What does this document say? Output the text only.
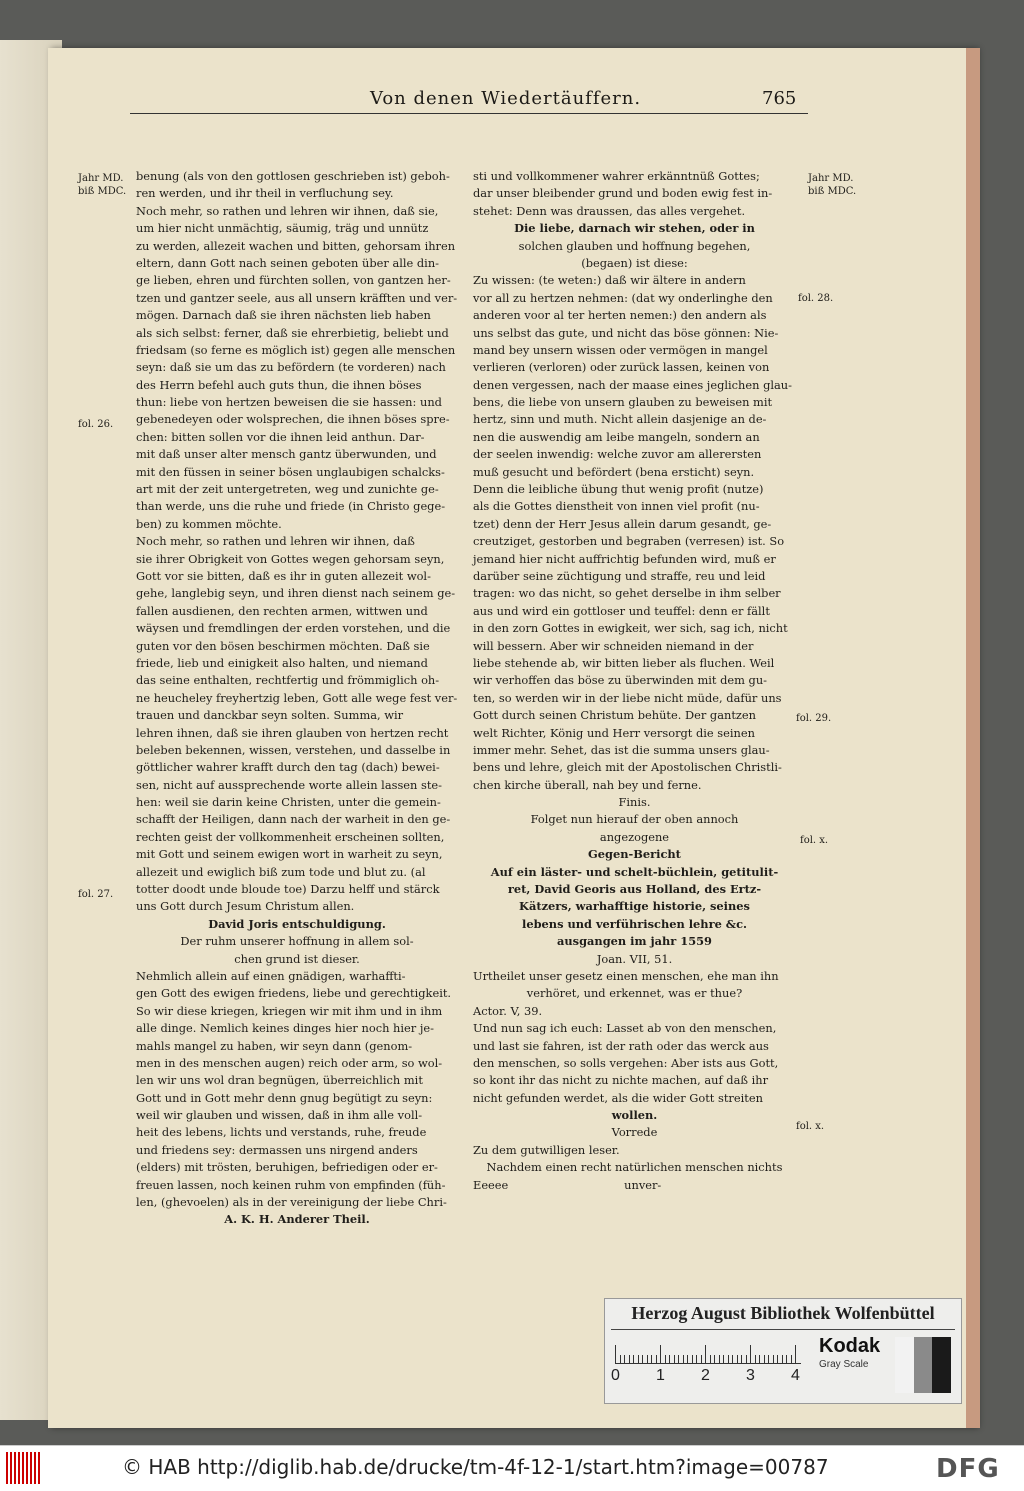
Von denen Wiedertäuffern.	765
Jahr MD.
biß MDC.
fol. 26.
fol. 27.
Jahr MD.
biß MDC.
fol. 28.
fol. 29.
fol. x.
fol. x.
benung (als von den gottlosen geschrieben ist) geboh-
ren werden, und ihr theil in verfluchung sey.
Noch mehr, so rathen und lehren wir ihnen, daß sie,
um hier nicht unmächtig, säumig, träg und unnütz
zu werden, allezeit wachen und bitten, gehorsam ihren
eltern, dann Gott nach seinen geboten über alle din-
ge lieben, ehren und fürchten sollen, von gantzen her-
tzen und gantzer seele, aus all unsern kräfften und ver-
mögen. Darnach daß sie ihren nächsten lieb haben
als sich selbst: ferner, daß sie ehrerbietig, beliebt und
friedsam (so ferne es möglich ist) gegen alle menschen
seyn: daß sie um das zu befördern (te vorderen) nach
des Herrn befehl auch guts thun, die ihnen böses
thun: liebe von hertzen beweisen die sie hassen: und
gebenedeyen oder wolsprechen, die ihnen böses spre-
chen: bitten sollen vor die ihnen leid anthun. Dar-
mit daß unser alter mensch gantz überwunden, und
mit den füssen in seiner bösen unglaubigen schalcks-
art mit der zeit untergetreten, weg und zunichte ge-
than werde, uns die ruhe und friede (in Christo gege-
ben) zu kommen möchte.
Noch mehr, so rathen und lehren wir ihnen, daß
sie ihrer Obrigkeit von Gottes wegen gehorsam seyn,
Gott vor sie bitten, daß es ihr in guten allezeit wol-
gehe, langlebig seyn, und ihren dienst nach seinem ge-
fallen ausdienen, den rechten armen, wittwen und
wäysen und fremdlingen der erden vorstehen, und die
guten vor den bösen beschirmen möchten. Daß sie
friede, lieb und einigkeit also halten, und niemand
das seine enthalten, rechtfertig und frömmiglich oh-
ne heucheley freyhertzig leben, Gott alle wege fest ver-
trauen und danckbar seyn solten. Summa, wir
lehren ihnen, daß sie ihren glauben von hertzen recht
beleben bekennen, wissen, verstehen, und dasselbe in
göttlicher wahrer krafft durch den tag (dach) bewei-
sen, nicht auf aussprechende worte allein lassen ste-
hen: weil sie darin keine Christen, unter die gemein-
schafft der Heiligen, dann nach der warheit in den ge-
rechten geist der vollkommenheit erscheinen sollten,
mit Gott und seinem ewigen wort in warheit zu seyn,
allezeit und ewiglich biß zum tode und blut zu. (al
totter doodt unde bloude toe) Darzu helff und stärck
uns Gott durch Jesum Christum allen.
David Joris entschuldigung.
Der ruhm unserer hoffnung in allem sol-
chen grund ist dieser.
Nehmlich allein auf einen gnädigen, warhaffti-
gen Gott des ewigen friedens, liebe und gerechtigkeit.
So wir diese kriegen, kriegen wir mit ihm und in ihm
alle dinge. Nemlich keines dinges hier noch hier je-
mahls mangel zu haben, wir seyn dann (genom-
men in des menschen augen) reich oder arm, so wol-
len wir uns wol dran begnügen, überreichlich mit
Gott und in Gott mehr denn gnug begütigt zu seyn:
weil wir glauben und wissen, daß in ihm alle voll-
heit des lebens, lichts und verstands, ruhe, freude
und friedens sey: dermassen uns nirgend anders
(elders) mit trösten, beruhigen, befriedigen oder er-
freuen lassen, noch keinen ruhm von empfinden (füh-
len, (ghevoelen) als in der vereinigung der liebe Chri-
A. K. H. Anderer Theil.
sti und vollkommener wahrer erkänntnüß Gottes;
dar unser bleibender grund und boden ewig fest in-
stehet: Denn was draussen, das alles vergehet.
Die liebe, darnach wir stehen, oder in
solchen glauben und hoffnung begehen,
(begaen) ist diese:
Zu wissen: (te weten:) daß wir ältere in andern
vor all zu hertzen nehmen: (dat wy onderlinghe den
anderen voor al ter herten nemen:) den andern als
uns selbst das gute, und nicht das böse gönnen: Nie-
mand bey unsern wissen oder vermögen in mangel
verlieren (verloren) oder zurück lassen, keinen von
denen vergessen, nach der maase eines jeglichen glau-
bens, die liebe von unsern glauben zu beweisen mit
hertz, sinn und muth. Nicht allein dasjenige an de-
nen die auswendig am leibe mangeln, sondern an
der seelen inwendig: welche zuvor am allerersten
muß gesucht und befördert (bena ersticht) seyn.
Denn die leibliche übung thut wenig profit (nutze)
als die Gottes dienstheit von innen viel profit (nu-
tzet) denn der Herr Jesus allein darum gesandt, ge-
creutziget, gestorben und begraben (verresen) ist. So
jemand hier nicht auffrichtig befunden wird, muß er
darüber seine züchtigung und straffe, reu und leid
tragen: wo das nicht, so gehet derselbe in ihm selber
aus und wird ein gottloser und teuffel: denn er fällt
in den zorn Gottes in ewigkeit, wer sich, sag ich, nicht
will bessern. Aber wir schneiden niemand in der
liebe stehende ab, wir bitten lieber als fluchen. Weil
wir verhoffen das böse zu überwinden mit dem gu-
ten, so werden wir in der liebe nicht müde, dafür uns
Gott durch seinen Christum behüte. Der gantzen
welt Richter, König und Herr versorgt die seinen
immer mehr. Sehet, das ist die summa unsers glau-
bens und lehre, gleich mit der Apostolischen Christli-
chen kirche überall, nah bey und ferne.
Finis.
Folget nun hierauf der oben annoch
angezogene
Gegen-Bericht
Auf ein läster- und schelt-büchlein, getitulit-
ret, David Georis aus Holland, des Ertz-
Kätzers, warhafftige historie, seines
lebens und verführischen lehre &c.
ausgangen im jahr 1559
Joan. VII, 51.
Urtheilet unser gesetz einen menschen, ehe man ihn
verhöret, und erkennet, was er thue?
Actor. V, 39.
Und nun sag ich euch: Lasset ab von den menschen,
und last sie fahren, ist der rath oder das werck aus
den menschen, so solls vergehen: Aber ists aus Gott,
so kont ihr das nicht zu nichte machen, auf daß ihr
nicht gefunden werdet, als die wider Gott streiten
wollen.
Vorrede
Zu dem gutwilligen leser.
Nachdem einen recht natürlichen menschen nichts
Eeeee                                unver-
Herzog August Bibliothek Wolfenbüttel
0 1 2 3 4
Kodak
Gray Scale
© HAB http://diglib.hab.de/drucke/tm-4f-12-1/start.htm?image=00787	DFG
